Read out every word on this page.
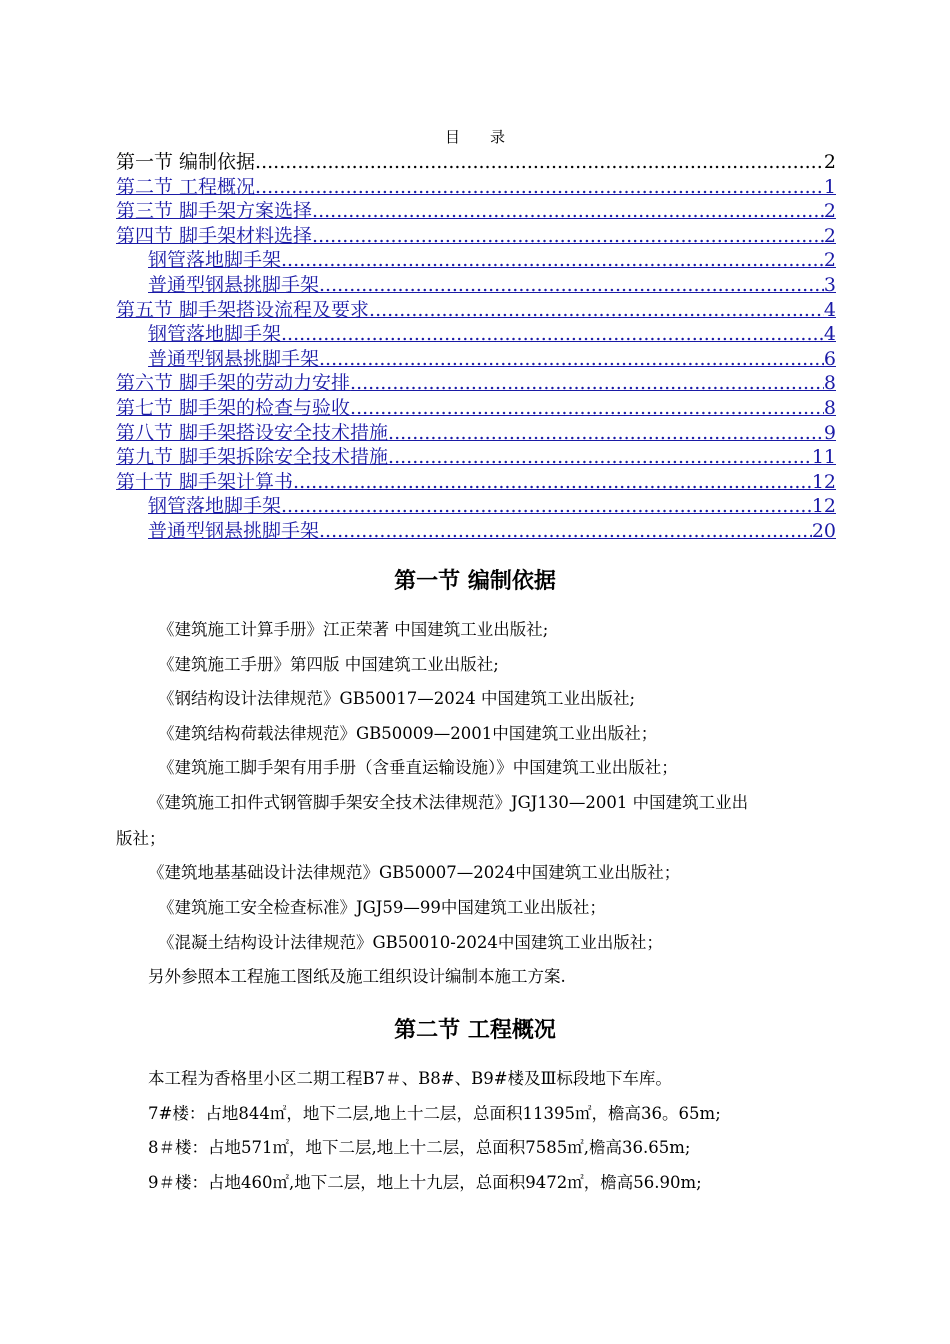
目 录
第一节 编制依据 .....	2
第二节 工程概况 .....	1
第三节 脚手架方案选择 .....	2
第四节 脚手架材料选择 .....	2
钢管落地脚手架 .....	2
普通型钢悬挑脚手架 .....	3
第五节 脚手架搭设流程及要求 .....	4
钢管落地脚手架 .....	4
普通型钢悬挑脚手架 .....	6
第六节 脚手架的劳动力安排 .....	8
第七节 脚手架的检查与验收 .....	8
第八节 脚手架搭设安全技术措施 .....	9
第九节 脚手架拆除安全技术措施 .....	11
第十节 脚手架计算书 .....	12
钢管落地脚手架 .....	12
普通型钢悬挑脚手架 .....	20
第一节 编制依据
《建筑施工计算手册》江正荣著 中国建筑工业出版社;
《建筑施工手册》第四版 中国建筑工业出版社;
《钢结构设计法律规范》GB50017—2024 中国建筑工业出版社;
《建筑结构荷载法律规范》GB50009—2001中国建筑工业出版社；
《建筑施工脚手架有用手册（含垂直运输设施）》中国建筑工业出版社；
《建筑施工扣件式钢管脚手架安全技术法律规范》JGJ130—2001 中国建筑工业出
版社；
《建筑地基基础设计法律规范》GB50007—2024中国建筑工业出版社；
《建筑施工安全检查标准》JGJ59—99中国建筑工业出版社；
《混凝土结构设计法律规范》GB50010-2024中国建筑工业出版社；
另外参照本工程施工图纸及施工组织设计编制本施工方案.
第二节 工程概况
本工程为香格里小区二期工程B7＃、B8#、B9#楼及Ⅲ标段地下车库。
7#楼：占地844㎡，地下二层,地上十二层，总面积11395㎡，檐高36。65m;
8＃楼：占地571㎡，地下二层,地上十二层，总面积7585㎡,檐高36.65m;
9＃楼：占地460㎡,地下二层，地上十九层，总面积9472㎡，檐高56.90m;
